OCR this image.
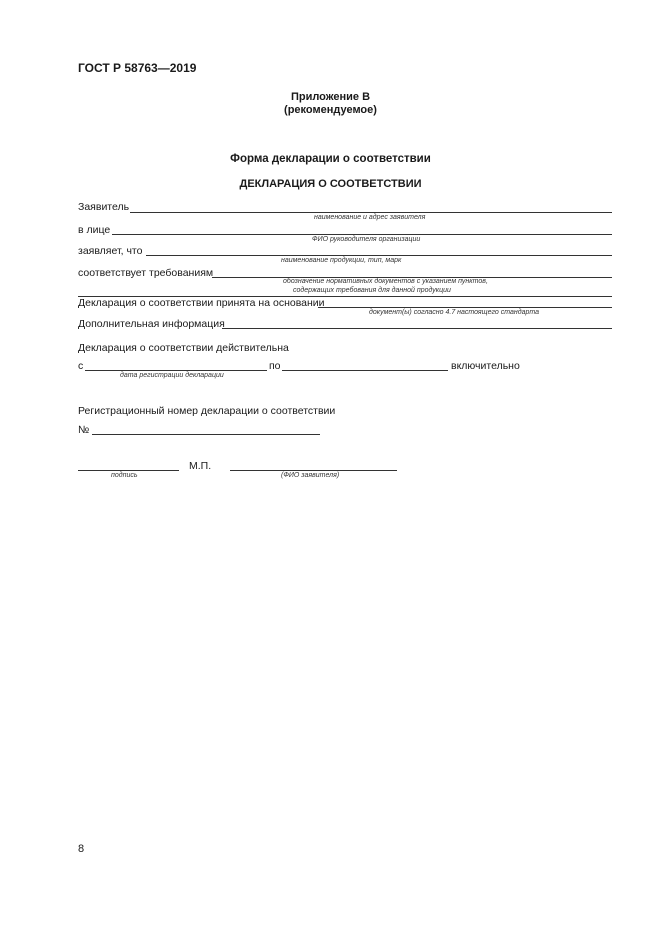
ГОСТ Р 58763—2019
Приложение В
(рекомендуемое)
Форма декларации о соответствии
ДЕКЛАРАЦИЯ О СООТВЕТСТВИИ
Заявитель
наименование и адрес заявителя
в лице
ФИО руководителя организации
заявляет, что
наименование продукции, тип, марк
соответствует требованиям
обозначение нормативных документов с указанием пунктов,
содержащих требования для данной продукции
Декларация о соответствии принята на основании
документ(ы) согласно 4.7 настоящего стандарта
Дополнительная информация
Декларация о соответствии действительна
с	по	включительно
дата регистрации декларации
Регистрационный номер декларации о соответствии
№
подпись
М.П.
(ФИО заявителя)
8
